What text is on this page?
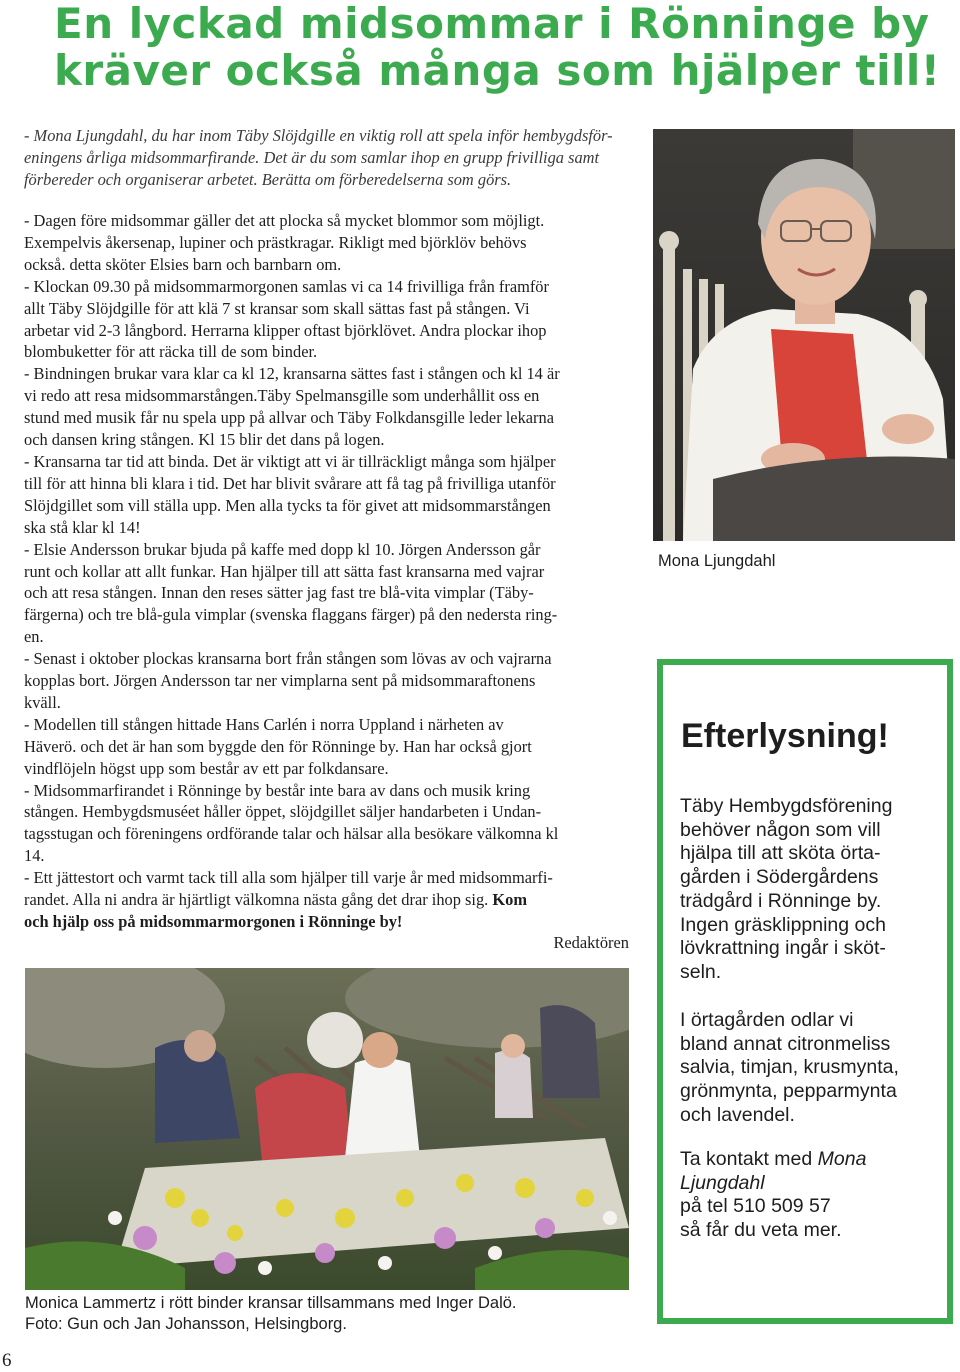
En lyckad midsommar i Rönninge by
kräver också många som hjälper till!

- Mona Ljungdahl, du har inom Täby Slöjdgille en viktig roll att spela inför hembygdsför-
eningens årliga midsommarfirande. Det är du som samlar ihop en grupp frivilliga samt
förbereder och organiserar arbetet. Berätta om förberedelserna som görs.

- Dagen före midsommar gäller det att plocka så mycket blommor som möjligt.
Exempelvis åkersenap, lupiner och prästkragar. Rikligt med björklöv behövs
också. detta sköter Elsies barn och barnbarn om.
- Klockan 09.30 på midsommarmorgonen samlas vi ca 14 frivilliga från framför
allt Täby Slöjdgille för att klä 7 st kransar som skall sättas fast på stången. Vi
arbetar vid 2-3 långbord. Herrarna klipper oftast björklövet. Andra plockar ihop
blombuketter för att räcka till de som binder.
- Bindningen brukar vara klar ca kl 12, kransarna sättes fast i stången och kl 14 är
vi redo att resa midsommarstången.Täby Spelmansgille som underhållit oss en
stund med musik får nu spela upp på allvar och Täby Folkdansgille leder lekarna
och dansen kring stången. Kl 15 blir det dans på logen.
- Kransarna tar tid att binda. Det är viktigt att vi är tillräckligt många som hjälper
till för att hinna bli klara i tid. Det har blivit svårare att få tag på frivilliga utanför
Slöjdgillet som vill ställa upp. Men alla tycks ta för givet att midsommarstången
ska stå klar kl 14!
- Elsie Andersson brukar bjuda på kaffe med dopp kl 10. Jörgen Andersson går
runt och kollar att allt funkar. Han hjälper till att sätta fast kransarna med vajrar
och att resa stången. Innan den reses sätter jag fast tre blå-vita vimplar (Täby-
färgerna) och tre blå-gula vimplar (svenska flaggans färger) på den nedersta ring-
en.
- Senast i oktober plockas kransarna bort från stången som lövas av och vajrarna
kopplas bort. Jörgen Andersson tar ner vimplarna sent på midsommaraftonens
kväll.
- Modellen till stången hittade Hans Carlén i norra Uppland i närheten av
Häverö. och det är han som byggde den för Rönninge by. Han har också gjort
vindflöjeln högst upp som består av ett par folkdansare.
- Midsommarfirandet i Rönninge by består inte bara av dans och musik kring
stången. Hembygdsmuséet håller öppet, slöjdgillet säljer handarbeten i Undan-
tagsstugan och föreningens ordförande talar och hälsar alla besökare välkomna kl
14.
- Ett jättestort och varmt tack till alla som hjälper till varje år med midsommarfi-
randet. Alla ni andra är hjärtligt välkomna nästa gång det drar ihop sig. Kom
och hjälp oss på midsommarmorgonen i Rönninge by!
Redaktören
Mona Ljungdahl
Monica Lammertz i rött binder kransar tillsammans med Inger Dalö.
Foto: Gun och Jan Johansson, Helsingborg.
Efterlysning!

Täby Hembygdsförening
behöver någon som vill
hjälpa till att sköta örta-
gården i Södergårdens
trädgård i Rönninge by.
Ingen gräsklippning och
lövkrattning ingår i sköt-
seln.

I örtagården odlar vi
bland annat citronmeliss
salvia, timjan, krusmynta,
grönmynta, pepparmynta
och lavendel.

Ta kontakt med Mona
Ljungdahl
på tel 510 509 57
så får du veta mer.

6
